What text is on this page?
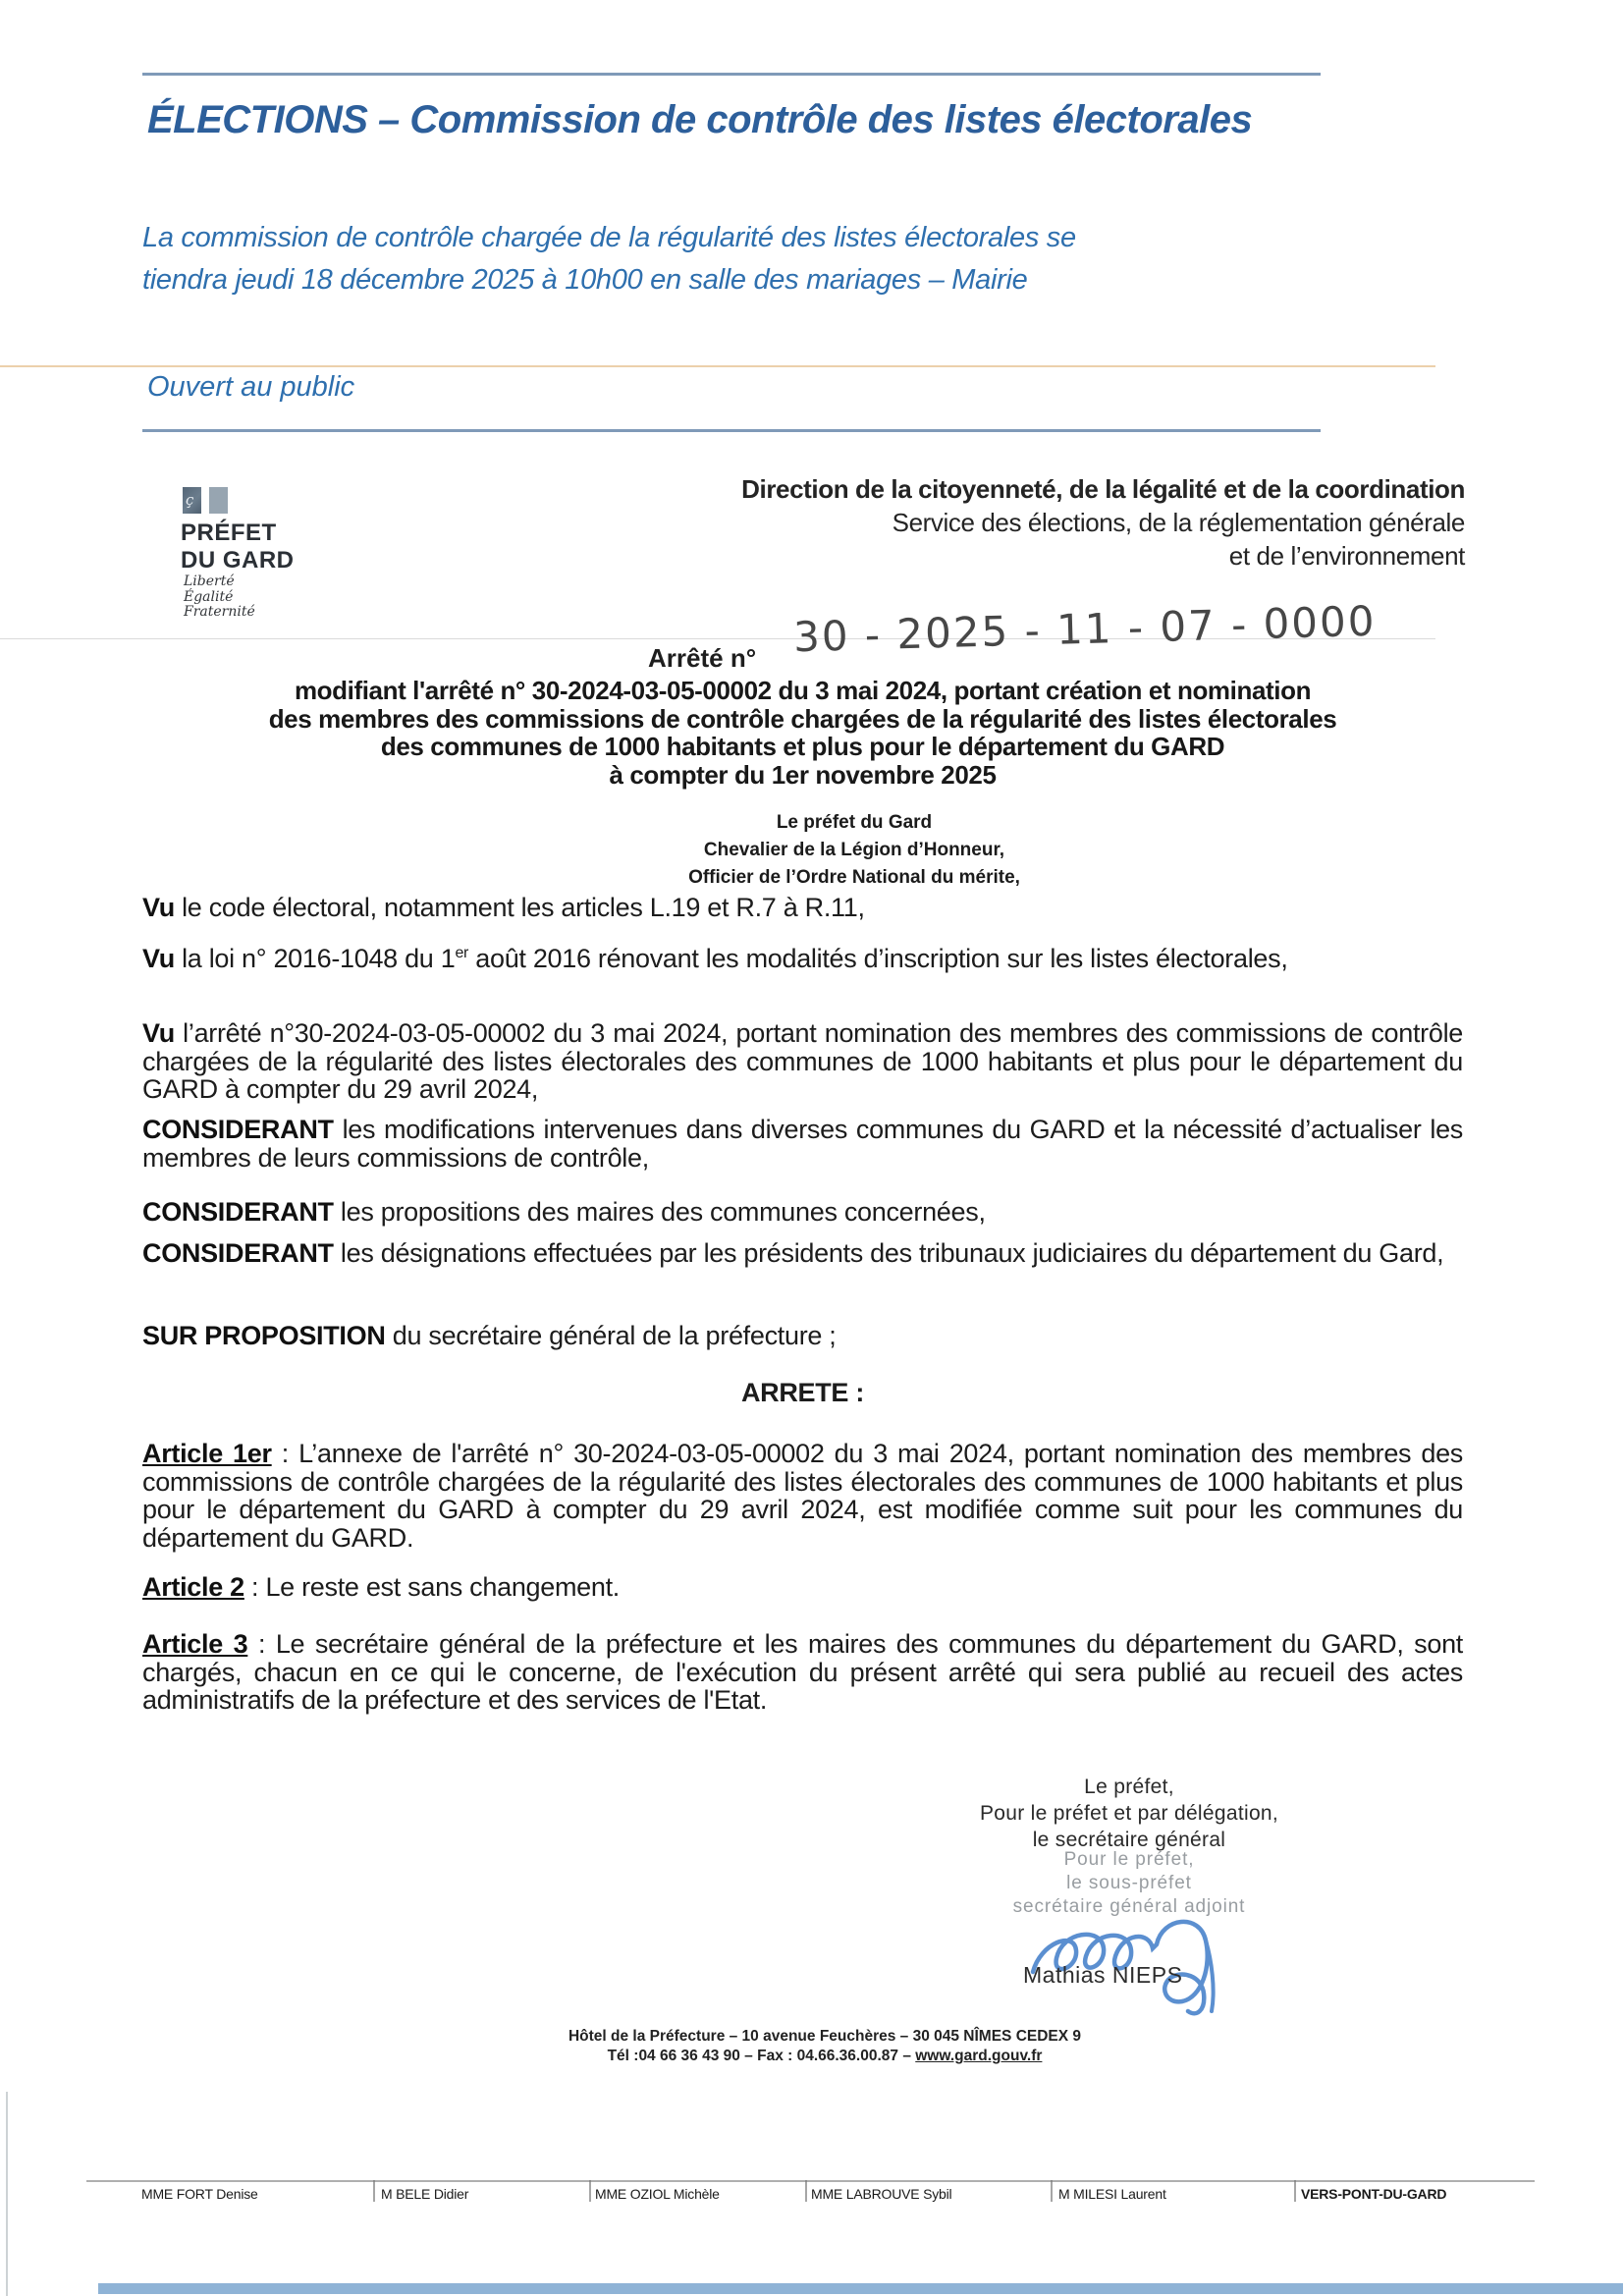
ÉLECTIONS – Commission de contrôle des listes électorales
La commission de contrôle chargée de la régularité des listes électorales se
tiendra jeudi 18 décembre 2025 à 10h00 en salle des mariages – Mairie
Ouvert au public
ç
PRÉFET
DU GARD
Liberté
Égalité
Fraternité
Direction de la citoyenneté, de la légalité et de la coordination
Service des élections, de la réglementation générale
et de l’environnement
Arrêté n° 30 - 2025 - 11 - 07 - 0000
modifiant l'arrêté n° 30-2024-03-05-00002 du 3 mai 2024, portant création et nomination
des membres des commissions de contrôle chargées de la régularité des listes électorales
des communes de 1000 habitants et plus pour le département du GARD
à compter du 1er novembre 2025
Le préfet du Gard
Chevalier de la Légion d’Honneur,
Officier de l’Ordre National du mérite,
Vu le code électoral, notamment les articles L.19 et R.7 à R.11,
Vu la loi n° 2016-1048 du 1er août 2016 rénovant les modalités d’inscription sur les listes électorales,
Vu l’arrêté n°30-2024-03-05-00002 du 3 mai 2024, portant nomination des membres des commissions de contrôle chargées de la régularité des listes électorales des communes de 1000 habitants et plus pour le département du GARD à compter du 29 avril 2024,
CONSIDERANT les modifications intervenues dans diverses communes du GARD et la nécessité d’actualiser les membres de leurs commissions de contrôle,
CONSIDERANT les propositions des maires des communes concernées,
CONSIDERANT les désignations effectuées par les présidents des tribunaux judiciaires du département du Gard,
SUR PROPOSITION du secrétaire général de la préfecture ;
ARRETE :
Article 1er : L’annexe de l'arrêté n° 30-2024-03-05-00002 du 3 mai 2024, portant nomination des membres des commissions de contrôle chargées de la régularité des listes électorales des communes de 1000 habitants et plus pour le département du GARD à compter du 29 avril 2024, est modifiée comme suit pour les communes du département du GARD.
Article 2 : Le reste est sans changement.
Article 3 : Le secrétaire général de la préfecture et les maires des communes du département du GARD, sont chargés, chacun en ce qui le concerne, de l'exécution du présent arrêté qui sera publié au recueil des actes administratifs de la préfecture et des services de l'Etat.
Le préfet,
Pour le préfet et par délégation,
le secrétaire général
Pour le préfet,
le sous-préfet
secrétaire général adjoint
Mathias NIEPS
Hôtel de la Préfecture – 10 avenue Feuchères – 30 045 NÎMES CEDEX 9
Tél :04 66 36 43 90 – Fax : 04.66.36.00.87 – www.gard.gouv.fr
MME FORT Denise	M BELE Didier	MME OZIOL Michèle	MME LABROUVE Sybil	M MILESI Laurent	VERS-PONT-DU-GARD
